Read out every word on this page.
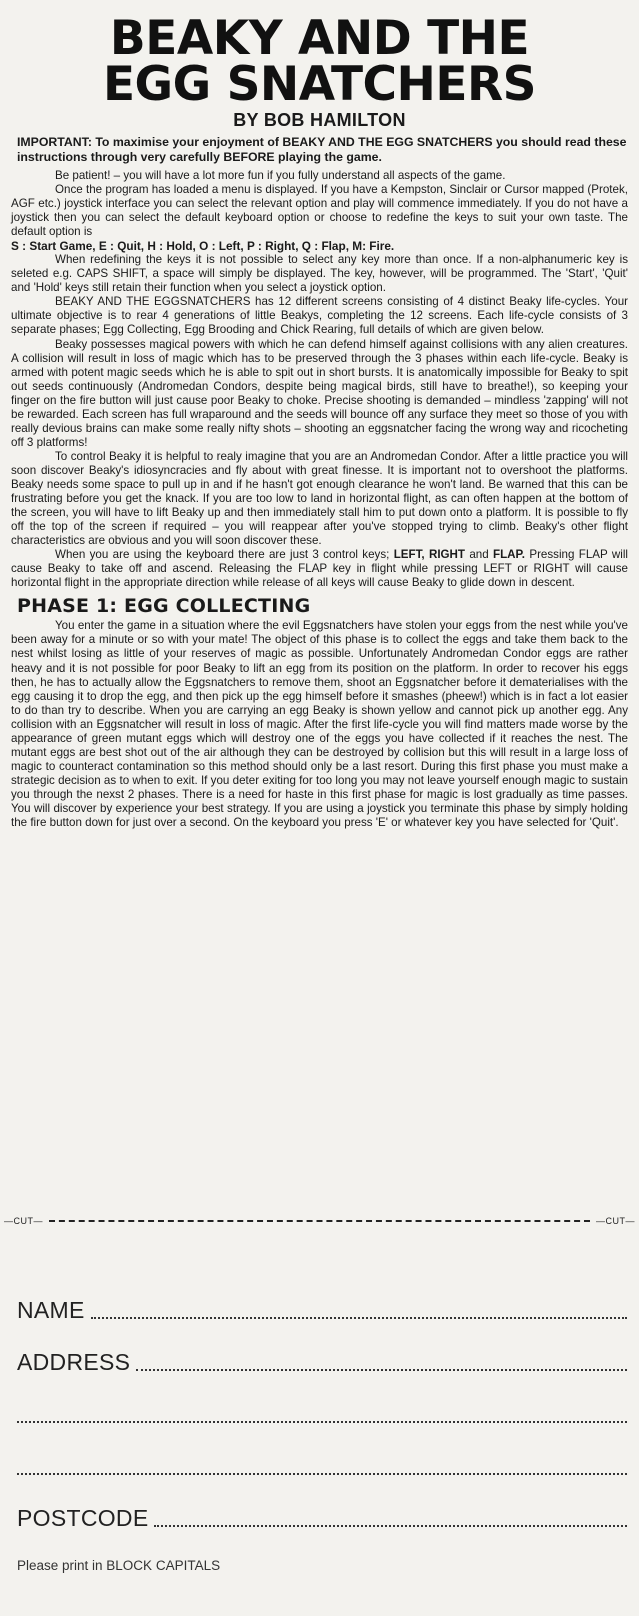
BEAKY AND THE
EGG SNATCHERS
BY BOB HAMILTON
IMPORTANT: To maximise your enjoyment of BEAKY AND THE EGG SNATCHERS you should read these instructions through very carefully BEFORE playing the game.

Be patient! – you will have a lot more fun if you fully understand all aspects of the game.

Once the program has loaded a menu is displayed. If you have a Kempston, Sinclair or Cursor mapped (Protek, AGF etc.) joystick interface you can select the relevant option and play will commence immediately. If you do not have a joystick then you can select the default keyboard option or choose to redefine the keys to suit your own taste. The default option is

S : Start Game, E : Quit, H : Hold, O : Left, P : Right, Q : Flap, M: Fire.

When redefining the keys it is not possible to select any key more than once. If a non-alphanumeric key is seleted e.g. CAPS SHIFT, a space will simply be displayed. The key, however, will be programmed. The 'Start', 'Quit' and 'Hold' keys still retain their function when you select a joystick option.

BEAKY AND THE EGGSNATCHERS has 12 different screens consisting of 4 distinct Beaky life-cycles. Your ultimate objective is to rear 4 generations of little Beakys, completing the 12 screens. Each life-cycle consists of 3 separate phases; Egg Collecting, Egg Brooding and Chick Rearing, full details of which are given below.

Beaky possesses magical powers with which he can defend himself against collisions with any alien creatures. A collision will result in loss of magic which has to be preserved through the 3 phases within each life-cycle. Beaky is armed with potent magic seeds which he is able to spit out in short bursts. It is anatomically impossible for Beaky to spit out seeds continuously (Andromedan Condors, despite being magical birds, still have to breathe!), so keeping your finger on the fire button will just cause poor Beaky to choke. Precise shooting is demanded – mindless 'zapping' will not be rewarded. Each screen has full wraparound and the seeds will bounce off any surface they meet so those of you with really devious brains can make some really nifty shots – shooting an eggsnatcher facing the wrong way and ricocheting off 3 platforms!

To control Beaky it is helpful to realy imagine that you are an Andromedan Condor. After a little practice you will soon discover Beaky's idiosyncracies and fly about with great finesse. It is important not to overshoot the platforms. Beaky needs some space to pull up in and if he hasn't got enough clearance he won't land. Be warned that this can be frustrating before you get the knack. If you are too low to land in horizontal flight, as can often happen at the bottom of the screen, you will have to lift Beaky up and then immediately stall him to put down onto a platform. It is possible to fly off the top of the screen if required – you will reappear after you've stopped trying to climb. Beaky's other flight characteristics are obvious and you will soon discover these.

When you are using the keyboard there are just 3 control keys; LEFT, RIGHT and FLAP. Pressing FLAP will cause Beaky to take off and ascend. Releasing the FLAP key in flight while pressing LEFT or RIGHT will cause horizontal flight in the appropriate direction while release of all keys will cause Beaky to glide down in descent.

PHASE 1: EGG COLLECTING

You enter the game in a situation where the evil Eggsnatchers have stolen your eggs from the nest while you've been away for a minute or so with your mate! The object of this phase is to collect the eggs and take them back to the nest whilst losing as little of your reserves of magic as possible. Unfortunately Andromedan Condor eggs are rather heavy and it is not possible for poor Beaky to lift an egg from its position on the platform. In order to recover his eggs then, he has to actually allow the Eggsnatchers to remove them, shoot an Eggsnatcher before it dematerialises with the egg causing it to drop the egg, and then pick up the egg himself before it smashes (pheew!) which is in fact a lot easier to do than try to describe. When you are carrying an egg Beaky is shown yellow and cannot pick up another egg. Any collision with an Eggsnatcher will result in loss of magic. After the first life-cycle you will find matters made worse by the appearance of green mutant eggs which will destroy one of the eggs you have collected if it reaches the nest. The mutant eggs are best shot out of the air although they can be destroyed by collision but this will result in a large loss of magic to counteract contamination so this method should only be a last resort. During this first phase you must make a strategic decision as to when to exit. If you deter exiting for too long you may not leave yourself enough magic to sustain you through the nexst 2 phases. There is a need for haste in this first phase for magic is lost gradually as time passes. You will discover by experience your best strategy. If you are using a joystick you terminate this phase by simply holding the fire button down for just over a second. On the keyboard you press 'E' or whatever key you have selected for 'Quit'.

—CUT—	—CUT—
NAME
ADDRESS
POSTCODE
Please print in BLOCK CAPITALS
